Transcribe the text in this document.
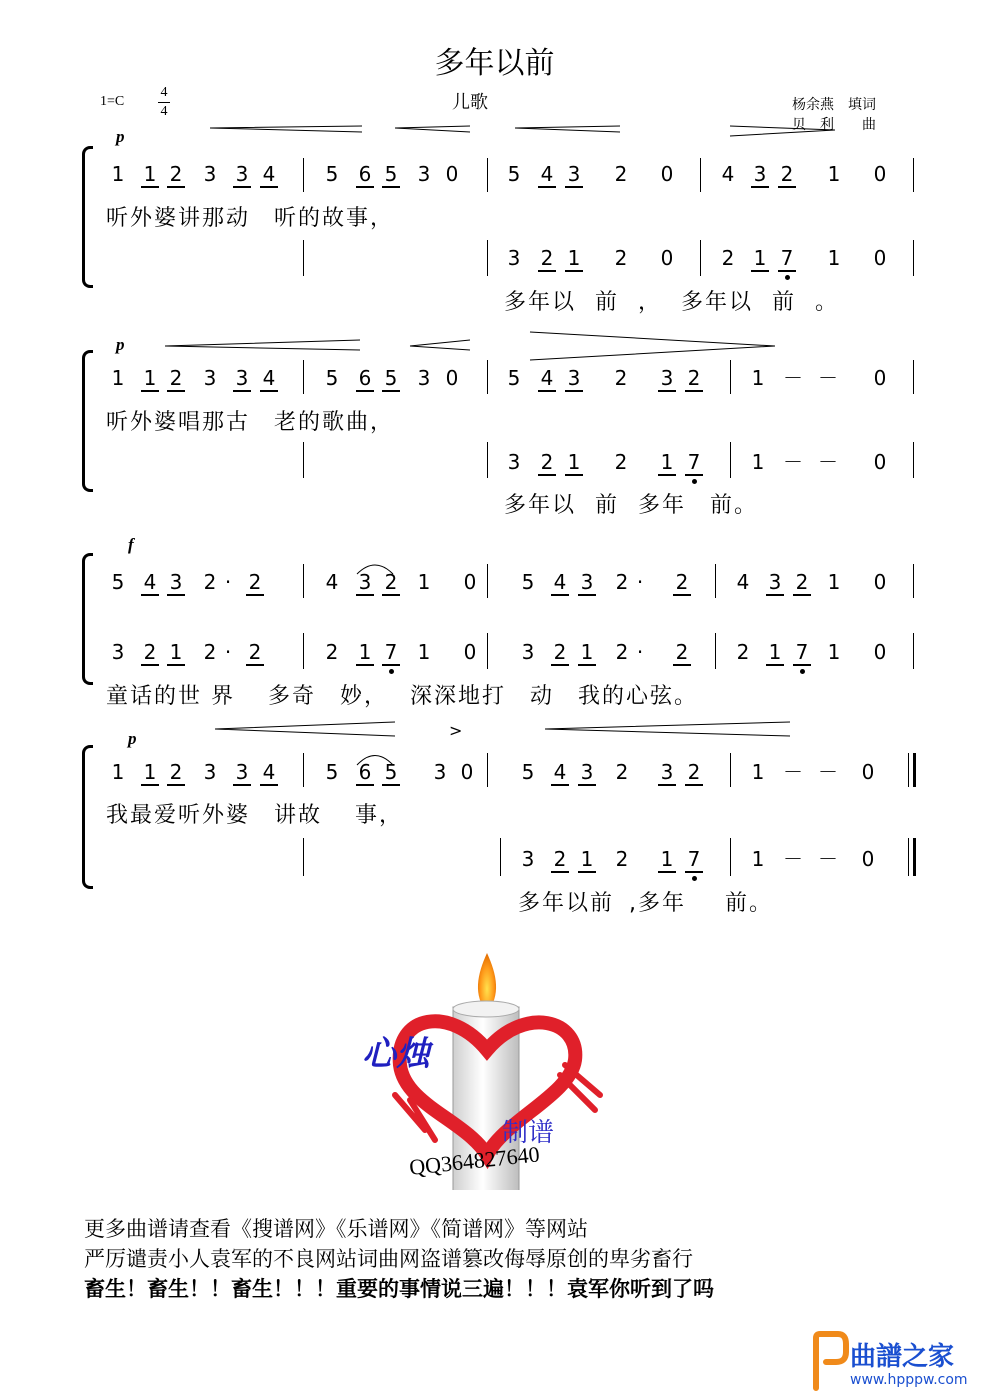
多年以前
儿歌
1=C
4
4	杨余燕　填词
贝　利　　曲
p
p
f
p	>
1 1 2 3 3 4	5 6 5 3 0 5 4 3 2 0 4 3 2 1 0
听外婆讲那动　听的故事，
3 2 1 2 0 2 1 7 1 0
多年以 前 ， 多年以 前 。
1 1 2 3 3 4	5 6 5 3 0 5 4 3 2 3 2	1 － － 0
听外婆唱那古　老的歌曲，
3 2 1 2 1 7	1 － － 0
多年以 前 多年　前。
5 4 3 2 · 2	4 3 2 1 0 5 4 3 2 ·	2 4 3 2 1 0
3 2 1 2 · 2	2 1 7 1 0 3 2 1 2 ·	2 2 1 7 1 0
童话的世 界　 多奇　妙，　 深深地打　动　我的心弦。
1 1 2 3 3 4	5 6 5 3 0 5 4 3 2 3 2	1 － － 0
我最爱听外婆　讲故　 事，
3 2 1 2 1 7	1 － － 0
多年以前 ,多年　 前。
心烛
制谱
QQ364827640
更多曲谱请查看《搜谱网》《乐谱网》《简谱网》等网站
严厉谴责小人袁军的不良网站词曲网盗谱篡改侮辱原创的卑劣畜行
畜生！畜生！！畜生！！！重要的事情说三遍！！！袁军你听到了吗
曲譜之家
www.hpppw.com
